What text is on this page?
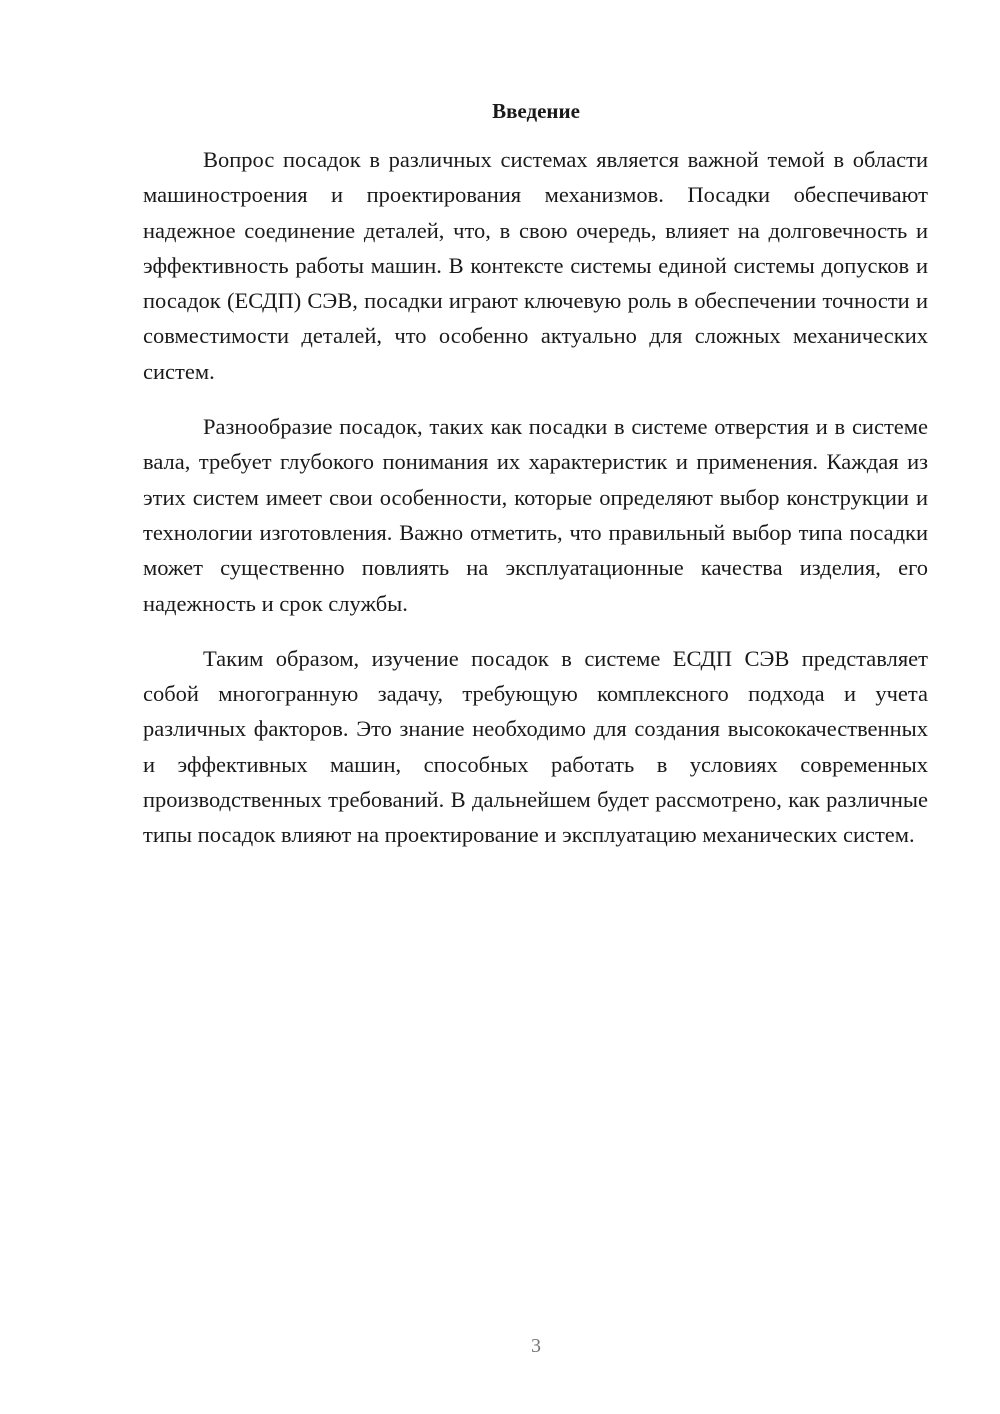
Введение

Вопрос посадок в различных системах является важной темой в области машиностроения и проектирования механизмов. Посадки обеспечивают надежное соединение деталей, что, в свою очередь, влияет на долговечность и эффективность работы машин. В контексте системы единой системы допусков и посадок (ЕСДП) СЭВ, посадки играют ключевую роль в обеспечении точности и совместимости деталей, что особенно актуально для сложных механических систем.

Разнообразие посадок, таких как посадки в системе отверстия и в системе вала, требует глубокого понимания их характеристик и применения. Каждая из этих систем имеет свои особенности, которые определяют выбор конструкции и технологии изготовления. Важно отметить, что правильный выбор типа посадки может существенно повлиять на эксплуатационные качества изделия, его надежность и срок службы.

Таким образом, изучение посадок в системе ЕСДП СЭВ представляет собой многогранную задачу, требующую комплексного подхода и учета различных факторов. Это знание необходимо для создания высококачественных и эффективных машин, способных работать в условиях современных производственных требований. В дальнейшем будет рассмотрено, как различные типы посадок влияют на проектирование и эксплуатацию механических систем.

3
